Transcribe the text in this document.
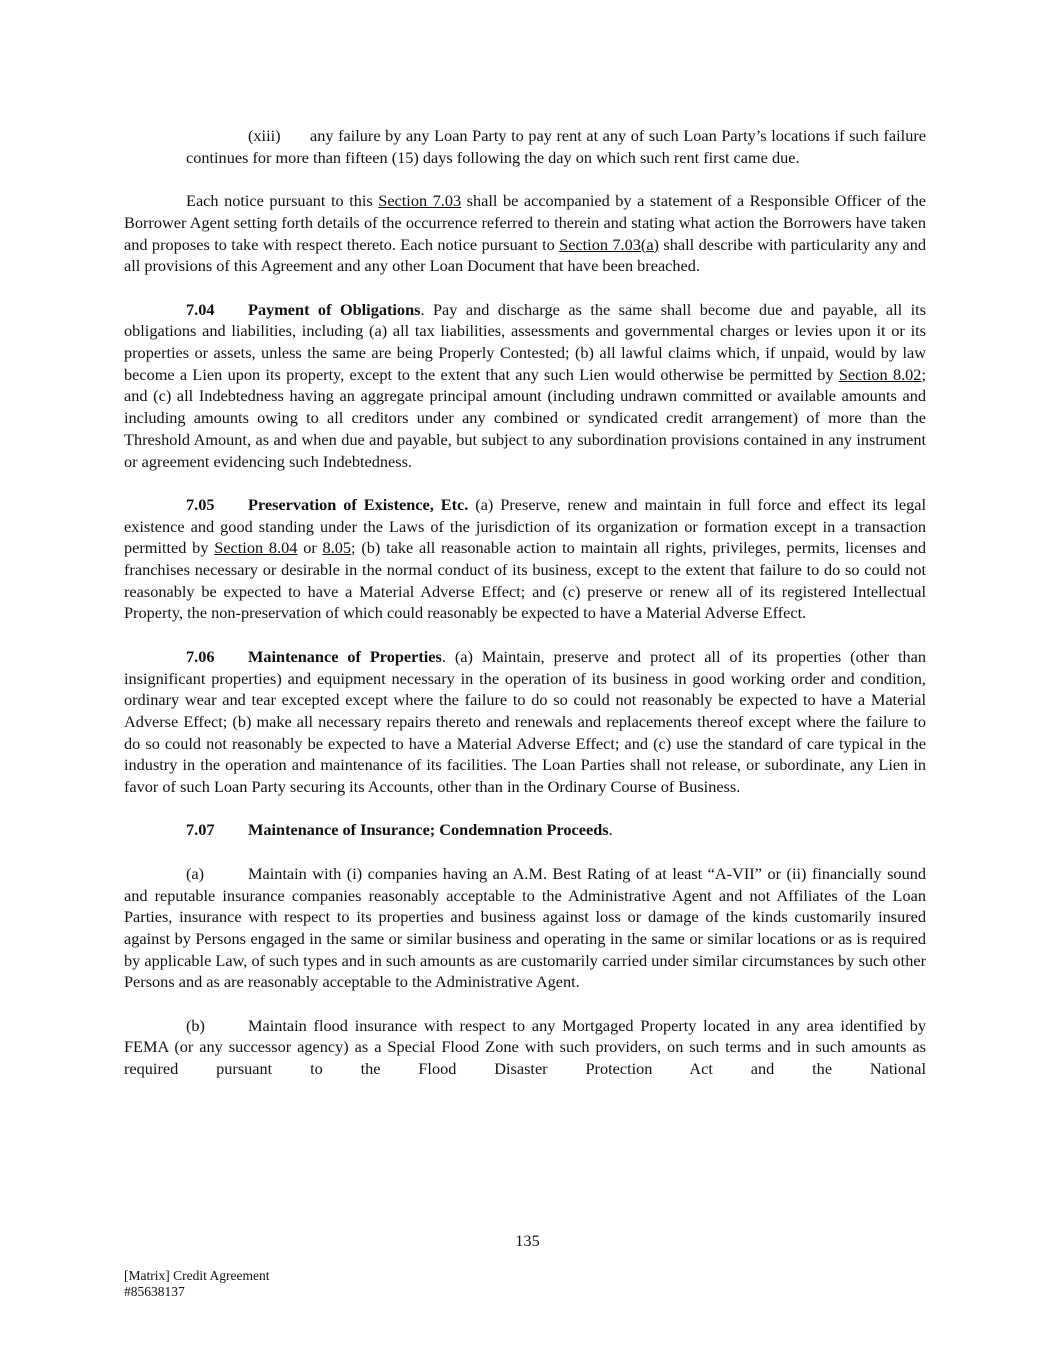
(xiii) any failure by any Loan Party to pay rent at any of such Loan Party’s locations if such failure continues for more than fifteen (15) days following the day on which such rent first came due.

Each notice pursuant to this Section 7.03 shall be accompanied by a statement of a Responsible Officer of the Borrower Agent setting forth details of the occurrence referred to therein and stating what action the Borrowers have taken and proposes to take with respect thereto. Each notice pursuant to Section 7.03(a) shall describe with particularity any and all provisions of this Agreement and any other Loan Document that have been breached.

7.04 Payment of Obligations. Pay and discharge as the same shall become due and payable, all its obligations and liabilities, including (a) all tax liabilities, assessments and governmental charges or levies upon it or its properties or assets, unless the same are being Properly Contested; (b) all lawful claims which, if unpaid, would by law become a Lien upon its property, except to the extent that any such Lien would otherwise be permitted by Section 8.02; and (c) all Indebtedness having an aggregate principal amount (including undrawn committed or available amounts and including amounts owing to all creditors under any combined or syndicated credit arrangement) of more than the Threshold Amount, as and when due and payable, but subject to any subordination provisions contained in any instrument or agreement evidencing such Indebtedness.

7.05 Preservation of Existence, Etc. (a) Preserve, renew and maintain in full force and effect its legal existence and good standing under the Laws of the jurisdiction of its organization or formation except in a transaction permitted by Section 8.04 or 8.05; (b) take all reasonable action to maintain all rights, privileges, permits, licenses and franchises necessary or desirable in the normal conduct of its business, except to the extent that failure to do so could not reasonably be expected to have a Material Adverse Effect; and (c) preserve or renew all of its registered Intellectual Property, the non-preservation of which could reasonably be expected to have a Material Adverse Effect.

7.06 Maintenance of Properties. (a) Maintain, preserve and protect all of its properties (other than insignificant properties) and equipment necessary in the operation of its business in good working order and condition, ordinary wear and tear excepted except where the failure to do so could not reasonably be expected to have a Material Adverse Effect; (b) make all necessary repairs thereto and renewals and replacements thereof except where the failure to do so could not reasonably be expected to have a Material Adverse Effect; and (c) use the standard of care typical in the industry in the operation and maintenance of its facilities. The Loan Parties shall not release, or subordinate, any Lien in favor of such Loan Party securing its Accounts, other than in the Ordinary Course of Business.

7.07 Maintenance of Insurance; Condemnation Proceeds.

(a)	Maintain with (i) companies having an A.M. Best Rating of at least “A-VII” or (ii) financially sound and reputable insurance companies reasonably acceptable to the Administrative Agent and not Affiliates of the Loan Parties, insurance with respect to its properties and business against loss or damage of the kinds customarily insured against by Persons engaged in the same or similar business and operating in the same or similar locations or as is required by applicable Law, of such types and in such amounts as are customarily carried under similar circumstances by such other Persons and as are reasonably acceptable to the Administrative Agent.

(b)	Maintain flood insurance with respect to any Mortgaged Property located in any area identified by FEMA (or any successor agency) as a Special Flood Zone with such providers, on such terms and in such amounts as required pursuant to the Flood Disaster Protection Act and the National

135
[Matrix] Credit Agreement
#85638137
